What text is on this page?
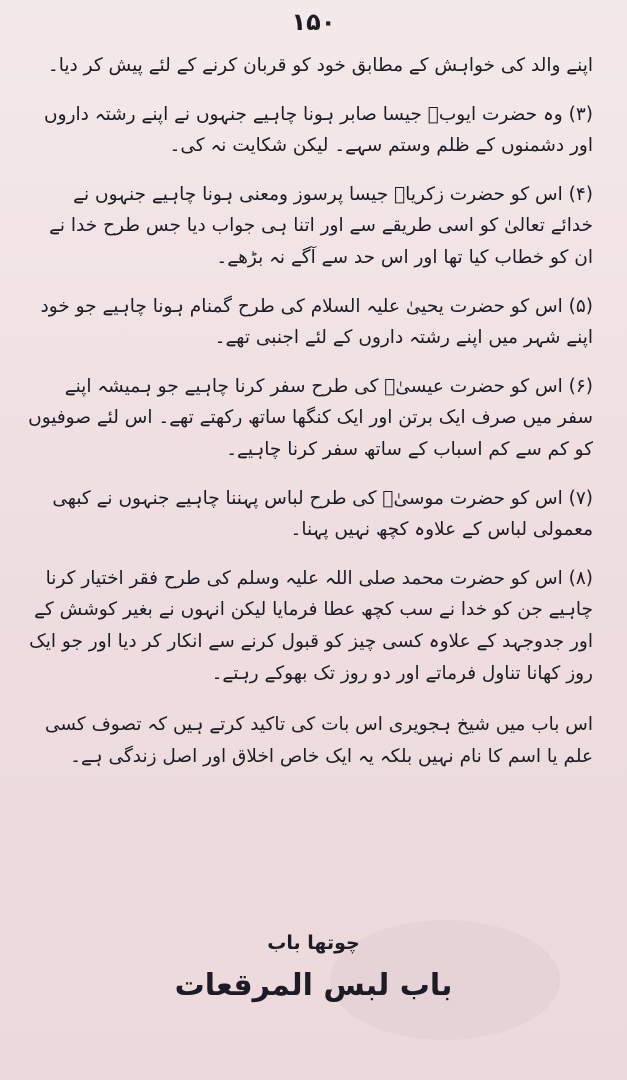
۱۵۰

اپنے والد کی خواہش کے مطابق خود کو قربان کرنے کے لئے پیش کر دیا۔

(۳) وہ حضرت ایوبؑ جیسا صابر ہونا چاہیے جنہوں نے اپنے رشتہ داروں اور دشمنوں کے ظلم وستم سہے۔ لیکن شکایت نہ کی۔

(۴) اس کو حضرت زکریاؑ جیسا پرسوز ومعنی ہونا چاہیے جنہوں نے خدائے تعالیٰ کو اسی طریقے سے اور اتنا ہی جواب دیا جس طرح خدا نے ان کو خطاب کیا تھا اور اس حد سے آگے نہ بڑھے۔

(۵) اس کو حضرت یحییٰ علیہ السلام کی طرح گمنام ہونا چاہیے جو خود اپنے شہر میں اپنے رشتہ داروں کے لئے اجنبی تھے۔

(۶) اس کو حضرت عیسیٰؑ کی طرح سفر کرنا چاہیے جو ہمیشہ اپنے سفر میں صرف ایک برتن اور ایک کنگھا ساتھ رکھتے تھے۔ اس لئے صوفیوں کو کم سے کم اسباب کے ساتھ سفر کرنا چاہیے۔

(۷) اس کو حضرت موسیٰؑ کی طرح لباس پہننا چاہیے جنہوں نے کبھی معمولی لباس کے علاوہ کچھ نہیں پہنا۔

(۸) اس کو حضرت محمد صلی اللہ علیہ وسلم کی طرح فقر اختیار کرنا چاہیے جن کو خدا نے سب کچھ عطا فرمایا لیکن انہوں نے بغیر کوشش کے اور جدوجہد کے علاوہ کسی چیز کو قبول کرنے سے انکار کر دیا اور جو ایک روز کھانا تناول فرماتے اور دو روز تک بھوکے رہتے۔

اس باب میں شیخ ہجویری اس بات کی تاکید کرتے ہیں کہ تصوف کسی علم یا اسم کا نام نہیں بلکہ یہ ایک خاص اخلاق اور اصل زندگی ہے۔

چوتھا باب
باب لبس المرقعات
